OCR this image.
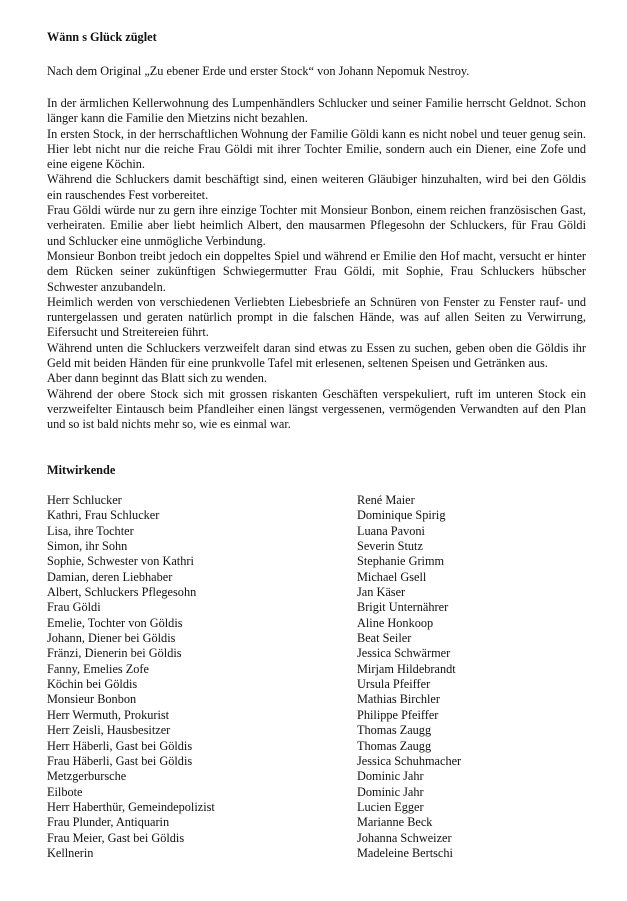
Wänn s Glück züglet

Nach dem Original „Zu ebener Erde und erster Stock“ von Johann Nepomuk Nestroy.

In der ärmlichen Kellerwohnung des Lumpenhändlers Schlucker und seiner Familie herrscht Geldnot. Schon länger kann die Familie den Mietzins nicht bezahlen.

In ersten Stock, in der herrschaftlichen Wohnung der Familie Göldi kann es nicht nobel und teuer genug sein. Hier lebt nicht nur die reiche Frau Göldi mit ihrer Tochter Emilie, sondern auch ein Diener, eine Zofe und eine eigene Köchin.

Während die Schluckers damit beschäftigt sind, einen weiteren Gläubiger hinzuhalten, wird bei den Göldis ein rauschendes Fest vorbereitet.

Frau Göldi würde nur zu gern ihre einzige Tochter mit Monsieur Bonbon, einem reichen französischen Gast, verheiraten. Emilie aber liebt heimlich Albert, den mausarmen Pflegesohn der Schluckers, für Frau Göldi und Schlucker eine unmögliche Verbindung.

Monsieur Bonbon treibt jedoch ein doppeltes Spiel und während er Emilie den Hof macht, versucht er hinter dem Rücken seiner zukünftigen Schwiegermutter Frau Göldi, mit Sophie, Frau Schluckers hübscher Schwester anzubandeln.

Heimlich werden von verschiedenen Verliebten Liebesbriefe an Schnüren von Fenster zu Fenster rauf- und runtergelassen und geraten natürlich prompt in die falschen Hände, was auf allen Seiten zu Verwirrung, Eifersucht und Streitereien führt.

Während unten die Schluckers verzweifelt daran sind etwas zu Essen zu suchen, geben oben die Göldis ihr Geld mit beiden Händen für eine prunkvolle Tafel mit erlesenen, seltenen Speisen und Getränken aus.

Aber dann beginnt das Blatt sich zu wenden.

Während der obere Stock sich mit grossen riskanten Geschäften verspekuliert, ruft im unteren Stock ein verzweifelter Eintausch beim Pfandleiher einen längst vergessenen, vermögenden Verwandten auf den Plan und so ist bald nichts mehr so, wie es einmal war.

Mitwirkende
Herr Schlucker	René Maier
Kathri, Frau Schlucker	Dominique Spirig
Lisa, ihre Tochter	Luana Pavoni
Simon, ihr Sohn	Severin Stutz
Sophie, Schwester von Kathri	Stephanie Grimm
Damian, deren Liebhaber	Michael Gsell
Albert, Schluckers Pflegesohn	Jan Käser
Frau Göldi	Brigit Unternährer
Emelie, Tochter von Göldis	Aline Honkoop
Johann, Diener bei Göldis	Beat Seiler
Fränzi, Dienerin bei Göldis	Jessica Schwärmer
Fanny, Emelies Zofe	Mirjam Hildebrandt
Köchin bei Göldis	Ursula Pfeiffer
Monsieur Bonbon	Mathias Birchler
Herr Wermuth, Prokurist	Philippe Pfeiffer
Herr Zeisli, Hausbesitzer	Thomas Zaugg
Herr Häberli, Gast bei Göldis	Thomas Zaugg
Frau Häberli, Gast bei Göldis	Jessica Schuhmacher
Metzgerbursche	Dominic Jahr
Eilbote	Dominic Jahr
Herr Haberthür, Gemeindepolizist	Lucien Egger
Frau Plunder, Antiquarin	Marianne Beck
Frau Meier, Gast bei Göldis	Johanna Schweizer
Kellnerin	Madeleine Bertschi
